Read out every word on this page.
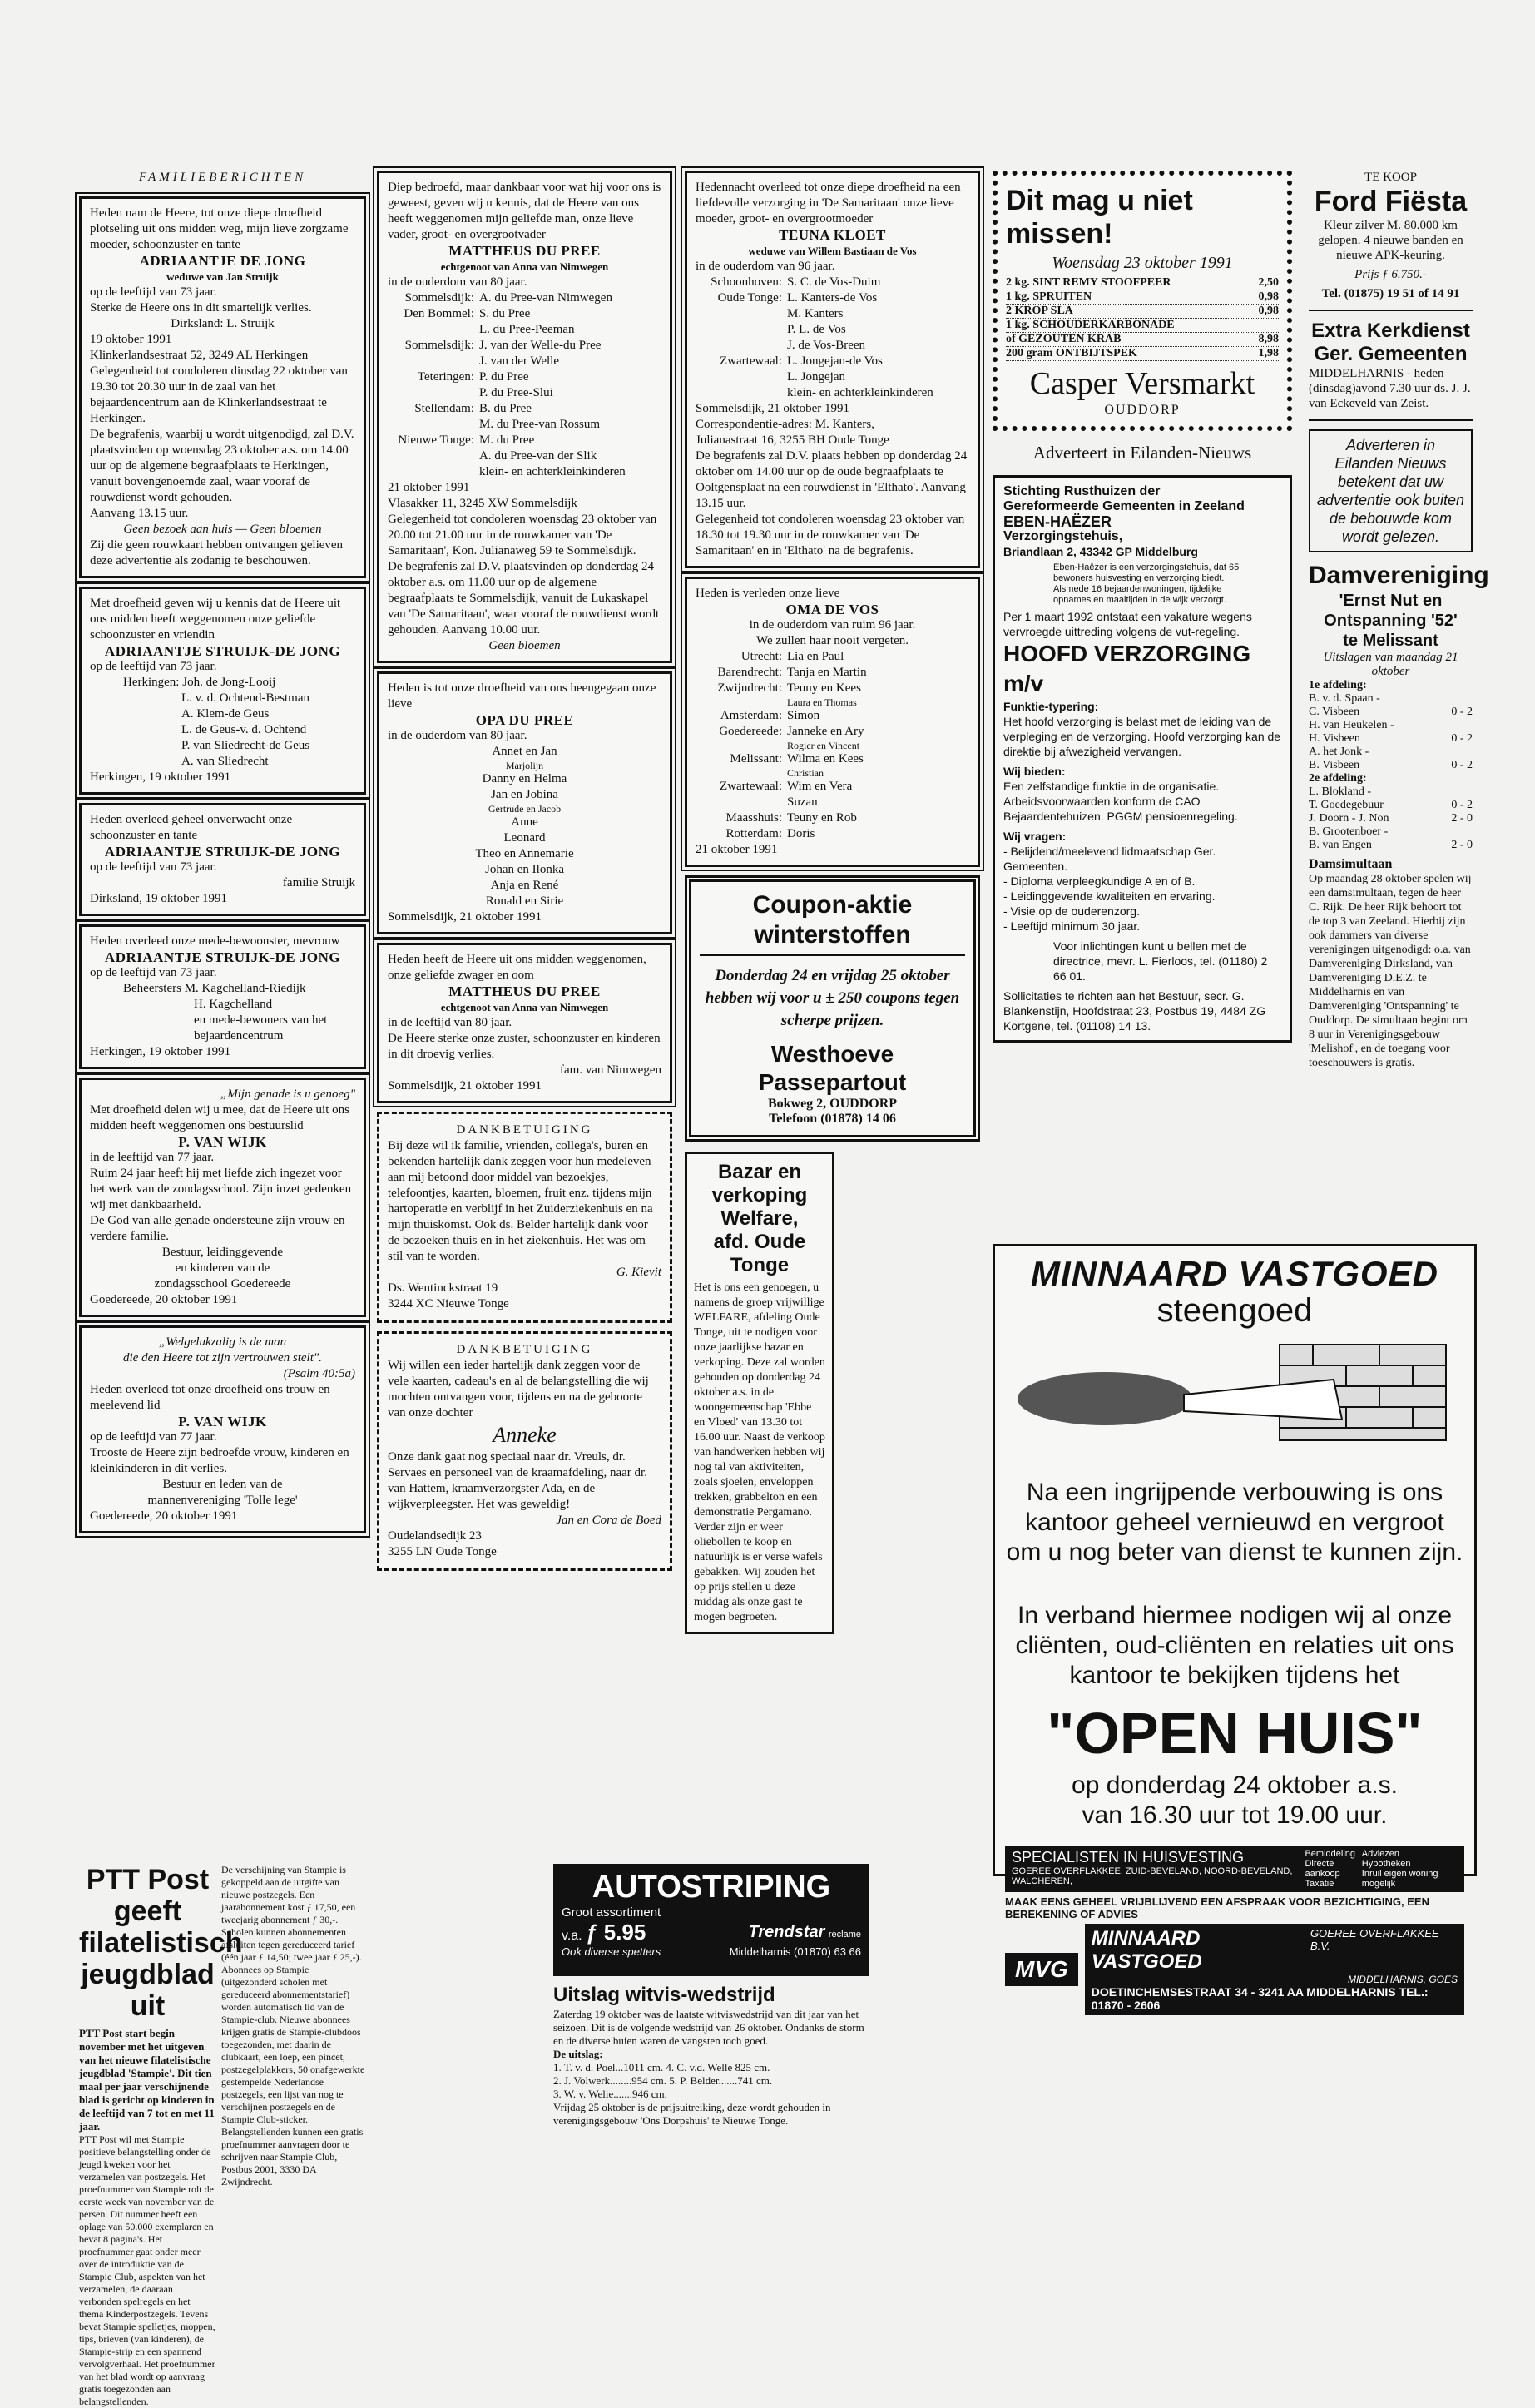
FAMILIEBERICHTEN
Heden nam de Heere, tot onze diepe droefheid plotseling uit ons midden weg, mijn lieve zorgzame moeder, schoonzuster en tante
ADRIAANTJE DE JONG
weduwe van Jan Struijk
op de leeftijd van 73 jaar.
Sterke de Heere ons in dit smartelijk verlies.
Dirksland: L. Struijk
19 oktober 1991
Klinkerlandsestraat 52, 3249 AL Herkingen
Gelegenheid tot condoleren dinsdag 22 oktober van 19.30 tot 20.30 uur in de zaal van het bejaardencentrum aan de Klinkerlandsestraat te Herkingen.
De begrafenis, waarbij u wordt uitgenodigd, zal D.V. plaatsvinden op woensdag 23 oktober a.s. om 14.00 uur op de algemene begraafplaats te Herkingen, vanuit bovengenoemde zaal, waar vooraf de rouwdienst wordt gehouden.
Aanvang 13.15 uur.
Geen bezoek aan huis — Geen bloemen
Zij die geen rouwkaart hebben ontvangen gelieven deze advertentie als zodanig te beschouwen.
Met droefheid geven wij u kennis dat de Heere uit ons midden heeft weggenomen onze geliefde schoonzuster en vriendin
ADRIAANTJE STRUIJK-DE JONG
op de leeftijd van 73 jaar.
Herkingen: Joh. de Jong-Looij
L. v. d. Ochtend-Bestman
A. Klem-de Geus
L. de Geus-v. d. Ochtend
P. van Sliedrecht-de Geus
A. van Sliedrecht
Herkingen, 19 oktober 1991
Heden overleed geheel onverwacht onze schoonzuster en tante
ADRIAANTJE STRUIJK-DE JONG
op de leeftijd van 73 jaar.
familie Struijk
Dirksland, 19 oktober 1991
Heden overleed onze mede-bewoonster, mevrouw
ADRIAANTJE STRUIJK-DE JONG
op de leeftijd van 73 jaar.
Beheersters M. Kagchelland-Riedijk
H. Kagchelland
en mede-bewoners van het
bejaardencentrum
Herkingen, 19 oktober 1991
„Mijn genade is u genoeg"
Met droefheid delen wij u mee, dat de Heere uit ons midden heeft weggenomen ons bestuurslid
P. VAN WIJK
in de leeftijd van 77 jaar.
Ruim 24 jaar heeft hij met liefde zich ingezet voor het werk van de zondagsschool. Zijn inzet gedenken wij met dankbaarheid.
De God van alle genade ondersteune zijn vrouw en verdere familie.
Bestuur, leidinggevende
en kinderen van de
zondagsschool Goedereede
Goedereede, 20 oktober 1991
„Welgelukzalig is de man
die den Heere tot zijn vertrouwen stelt".
(Psalm 40:5a)
Heden overleed tot onze droefheid ons trouw en meelevend lid
P. VAN WIJK
op de leeftijd van 77 jaar.
Trooste de Heere zijn bedroefde vrouw, kinderen en kleinkinderen in dit verlies.
Bestuur en leden van de
mannenvereniging 'Tolle lege'
Goedereede, 20 oktober 1991
Diep bedroefd, maar dankbaar voor wat hij voor ons is geweest, geven wij u kennis, dat de Heere van ons heeft weggenomen mijn geliefde man, onze lieve vader, groot- en overgrootvader
MATTHEUS DU PREE
echtgenoot van Anna van Nimwegen
in de ouderdom van 80 jaar.
Sommelsdijk: A. du Pree-van Nimwegen
Den Bommel: S. du Pree
L. du Pree-Peeman
Sommelsdijk: J. van der Welle-du Pree
J. van der Welle
Teteringen: P. du Pree
P. du Pree-Slui
Stellendam: B. du Pree
M. du Pree-van Rossum
Nieuwe Tonge: M. du Pree
A. du Pree-van der Slik
klein- en achterkleinkinderen
21 oktober 1991
Vlasakker 11, 3245 XW Sommelsdijk
Gelegenheid tot condoleren woensdag 23 oktober van 20.00 tot 21.00 uur in de rouwkamer van 'De Samaritaan', Kon. Julianaweg 59 te Sommelsdijk.
De begrafenis zal D.V. plaatsvinden op donderdag 24 oktober a.s. om 11.00 uur op de algemene begraafplaats te Sommelsdijk, vanuit de Lukaskapel van 'De Samaritaan', waar vooraf de rouwdienst wordt gehouden. Aanvang 10.00 uur.
Geen bloemen
Heden is tot onze droefheid van ons heengegaan onze lieve
OPA DU PREE
in de ouderdom van 80 jaar.
Annet en Jan
Marjolijn
Danny en Helma
Jan en Jobina
Gertrude en Jacob
Anne
Leonard
Theo en Annemarie
Johan en Ilonka
Anja en René
Ronald en Sirie
Sommelsdijk, 21 oktober 1991
Heden heeft de Heere uit ons midden weggenomen, onze geliefde zwager en oom
MATTHEUS DU PREE
echtgenoot van Anna van Nimwegen
in de leeftijd van 80 jaar.
De Heere sterke onze zuster, schoonzuster en kinderen in dit droevig verlies.
fam. van Nimwegen
Sommelsdijk, 21 oktober 1991
DANKBETUIGING
Bij deze wil ik familie, vrienden, collega's, buren en bekenden hartelijk dank zeggen voor hun medeleven aan mij betoond door middel van bezoekjes, telefoontjes, kaarten, bloemen, fruit enz. tijdens mijn hartoperatie en verblijf in het Zuiderziekenhuis en na mijn thuiskomst. Ook ds. Belder hartelijk dank voor de bezoeken thuis en in het ziekenhuis. Het was om stil van te worden.
G. Kievit
Ds. Wentinckstraat 19
3244 XC Nieuwe Tonge
DANKBETUIGING
Wij willen een ieder hartelijk dank zeggen voor de vele kaarten, cadeau's en al de belangstelling die wij mochten ontvangen voor, tijdens en na de geboorte van onze dochter
Anneke
Onze dank gaat nog speciaal naar dr. Vreuls, dr. Servaes en personeel van de kraamafdeling, naar dr. van Hattem, kraamverzorgster Ada, en de wijkverpleegster. Het was geweldig!
Jan en Cora de Boed
Oudelandsedijk 23
3255 LN Oude Tonge
Hedennacht overleed tot onze diepe droefheid na een liefdevolle verzorging in 'De Samaritaan' onze lieve moeder, groot- en overgrootmoeder
TEUNA KLOET
weduwe van Willem Bastiaan de Vos
in de ouderdom van 96 jaar.
Schoonhoven: S. C. de Vos-Duim
Oude Tonge: L. Kanters-de Vos
M. Kanters
P. L. de Vos
J. de Vos-Breen
Zwartewaal: L. Jongejan-de Vos
L. Jongejan
klein- en achterkleinkinderen
Sommelsdijk, 21 oktober 1991
Correspondentie-adres: M. Kanters,
Julianastraat 16, 3255 BH Oude Tonge
De begrafenis zal D.V. plaats hebben op donderdag 24 oktober om 14.00 uur op de oude begraafplaats te Ooltgensplaat na een rouwdienst in 'Elthato'. Aanvang 13.15 uur.
Gelegenheid tot condoleren woensdag 23 oktober van 18.30 tot 19.30 uur in de rouwkamer van 'De Samaritaan' en in 'Elthato' na de begrafenis.
Heden is verleden onze lieve
OMA DE VOS
in de ouderdom van ruim 96 jaar.
We zullen haar nooit vergeten.
Utrecht: Lia en Paul
Barendrecht: Tanja en Martin
Zwijndrecht: Teuny en Kees
Laura en Thomas
Amsterdam: Simon
Goedereede: Janneke en Ary
Rogier en Vincent
Melissant: Wilma en Kees
Christian
Zwartewaal: Wim en Vera
Suzan
Maasshuis: Teuny en Rob
Rotterdam: Doris
21 oktober 1991
Coupon-aktie winterstoffen
Donderdag 24 en vrijdag 25 oktober hebben wij voor u ± 250 coupons tegen scherpe prijzen.
Westhoeve Passepartout
Bokweg 2, OUDDORP
Telefoon (01878) 14 06
Bazar en verkoping
Welfare,
afd. Oude Tonge
Het is ons een genoegen, u namens de groep vrijwillige WELFARE, afdeling Oude Tonge, uit te nodigen voor onze jaarlijkse bazar en verkoping. Deze zal worden gehouden op donderdag 24 oktober a.s. in de woongemeenschap 'Ebbe en Vloed' van 13.30 tot 16.00 uur. Naast de verkoop van handwerken hebben wij nog tal van aktiviteiten, zoals sjoelen, enveloppen trekken, grabbelton en een demonstratie Pergamano. Verder zijn er weer oliebollen te koop en natuurlijk is er verse wafels gebakken. Wij zouden het op prijs stellen u deze middag als onze gast te mogen begroeten.
Dit mag u niet missen!
Woensdag 23 oktober 1991
2 kg. SINT REMY STOOFPEER	2,50
1 kg. SPRUITEN	0,98
2 KROP SLA	0,98
1 kg. SCHOUDERKARBONADE
of GEZOUTEN KRAB	8,98
200 gram ONTBIJTSPEK	1,98
Casper Versmarkt
OUDDORP
Adverteert in Eilanden-Nieuws
Stichting Rusthuizen der
Gereformeerde Gemeenten in Zeeland
EBEN-HAËZER
Verzorgingstehuis,
Briandlaan 2, 43342 GP Middelburg
Eben-Haëzer is een verzorgingstehuis, dat 65 bewoners huisvesting en verzorging biedt. Alsmede 16 bejaardenwoningen, tijdelijke opnames en maaltijden in de wijk verzorgt.
Per 1 maart 1992 ontstaat een vakature wegens vervroegde uittreding volgens de vut-regeling.
HOOFD VERZORGING m/v
Funktie-typering:
Het hoofd verzorging is belast met de leiding van de verpleging en de verzorging. Hoofd verzorging kan de direktie bij afwezigheid vervangen.
Wij bieden:
Een zelfstandige funktie in de organisatie. Arbeidsvoorwaarden konform de CAO Bejaardentehuizen. PGGM pensioenregeling.
Wij vragen:
- Belijdend/meelevend lidmaatschap Ger. Gemeenten.
- Diploma verpleegkundige A en of B.
- Leidinggevende kwaliteiten en ervaring.
- Visie op de ouderenzorg.
- Leeftijd minimum 30 jaar.
Voor inlichtingen kunt u bellen met de directrice, mevr. L. Fierloos, tel. (01180) 2 66 01.
Sollicitaties te richten aan het Bestuur, secr. G. Blankenstijn, Hoofdstraat 23, Postbus 19, 4484 ZG Kortgene, tel. (01108) 14 13.
MINNAARD VASTGOED
steengoed
Na een ingrijpende verbouwing is ons kantoor geheel vernieuwd en vergroot om u nog beter van dienst te kunnen zijn.
In verband hiermee nodigen wij al onze cliënten, oud-cliënten en relaties uit ons kantoor te bekijken tijdens het
"OPEN HUIS"
op donderdag 24 oktober a.s.
van 16.30 uur tot 19.00 uur.
SPECIALISTEN IN HUISVESTING
GOEREE OVERFLAKKEE, ZUID-BEVELAND, NOORD-BEVELAND, WALCHEREN,
Bemiddeling
Directe aankoop
Taxatie
Adviezen
Hypotheken
Inruil eigen woning mogelijk
MAAK EENS GEHEEL VRIJBLIJVEND EEN AFSPRAAK VOOR BEZICHTIGING, EEN BEREKENING OF ADVIES
MVG
MINNAARD VASTGOED
GOEREE OVERFLAKKEE B.V.
MIDDELHARNIS, GOES
DOETINCHEMSESTRAAT 34 - 3241 AA MIDDELHARNIS TEL.: 01870 - 2606
TE KOOP
Ford Fiësta
Kleur zilver M. 80.000 km gelopen. 4 nieuwe banden en nieuwe APK-keuring.
Prijs ƒ 6.750.-
Tel. (01875) 19 51 of 14 91
Extra Kerkdienst
Ger. Gemeenten
MIDDELHARNIS - heden (dinsdag)avond 7.30 uur ds. J. J. van Eckeveld van Zeist.
Adverteren in Eilanden Nieuws betekent dat uw advertentie ook buiten de bebouwde kom wordt gelezen.
Damvereniging
'Ernst Nut en Ontspanning '52'
te Melissant
Uitslagen van maandag 21 oktober
1e afdeling:
B. v. d. Spaan -
C. Visbeen	0 - 2
H. van Heukelen -
H. Visbeen	0 - 2
A. het Jonk -
B. Visbeen	0 - 2
2e afdeling:
L. Blokland -
T. Goedegebuur	0 - 2
J. Doorn - J. Non	2 - 0
B. Grootenboer -
B. van Engen	2 - 0
Damsimultaan
Op maandag 28 oktober spelen wij een damsimultaan, tegen de heer C. Rijk. De heer Rijk behoort tot de top 3 van Zeeland. Hierbij zijn ook dammers van diverse verenigingen uitgenodigd: o.a. van Damvereniging Dirksland, van Damvereniging D.E.Z. te Middelharnis en van Damvereniging 'Ontspanning' te Ouddorp. De simultaan begint om 8 uur in Verenigingsgebouw 'Melishof', en de toegang voor toeschouwers is gratis.
PTT Post geeft filatelistisch jeugdblad uit
PTT Post start begin november met het uitgeven van het nieuwe filatelistische jeugdblad 'Stampie'. Dit tien maal per jaar verschijnende blad is gericht op kinderen in de leeftijd van 7 tot en met 11 jaar.
PTT Post wil met Stampie positieve belangstelling onder de jeugd kweken voor het verzamelen van postzegels. Het proefnummer van Stampie rolt de eerste week van november van de persen. Dit nummer heeft een oplage van 50.000 exemplaren en bevat 8 pagina's. Het proefnummer gaat onder meer over de introduktie van de Stampie Club, aspekten van het verzamelen, de daaraan verbonden spelregels en het thema Kinderpostzegels. Tevens bevat Stampie spelletjes, moppen, tips, brieven (van kinderen), de Stampie-strip en een spannend vervolgverhaal. Het proefnummer van het blad wordt op aanvraag gratis toegezonden aan belangstellenden.
De verschijning van Stampie is gekoppeld aan de uitgifte van nieuwe postzegels. Een jaarabonnement kost ƒ 17,50, een tweejarig abonnement ƒ 30,-. Scholen kunnen abonnementen afsluiten tegen gereduceerd tarief (één jaar ƒ 14,50; twee jaar ƒ 25,-). Abonnees op Stampie (uitgezonderd scholen met gereduceerd abonnementstarief) worden automatisch lid van de Stampie-club. Nieuwe abonnees krijgen gratis de Stampie-clubdoos toegezonden, met daarin de clubkaart, een loep, een pincet, postzegelplakkers, 50 onafgewerkte gestempelde Nederlandse postzegels, een lijst van nog te verschijnen postzegels en de Stampie Club-sticker. Belangstellenden kunnen een gratis proefnummer aanvragen door te schrijven naar Stampie Club, Postbus 2001, 3330 DA Zwijndrecht.
AUTOSTRIPING
Groot assortiment
v.a. ƒ 5.95	Trendstar reclame
Ook diverse spetters	Middelharnis (01870) 63 66
Uitslag witvis-wedstrijd
Zaterdag 19 oktober was de laatste witviswedstrijd van dit jaar van het seizoen. Dit is de volgende wedstrijd van 26 oktober. Ondanks de storm en de diverse buien waren de vangsten toch goed.
De uitslag:
1. T. v. d. Poel...1011 cm. 4. C. v.d. Welle 825 cm.
2. J. Volwerk........954 cm. 5. P. Belder.......741 cm.
3. W. v. Welie.......946 cm.
Vrijdag 25 oktober is de prijsuitreiking, deze wordt gehouden in verenigingsgebouw 'Ons Dorpshuis' te Nieuwe Tonge.
